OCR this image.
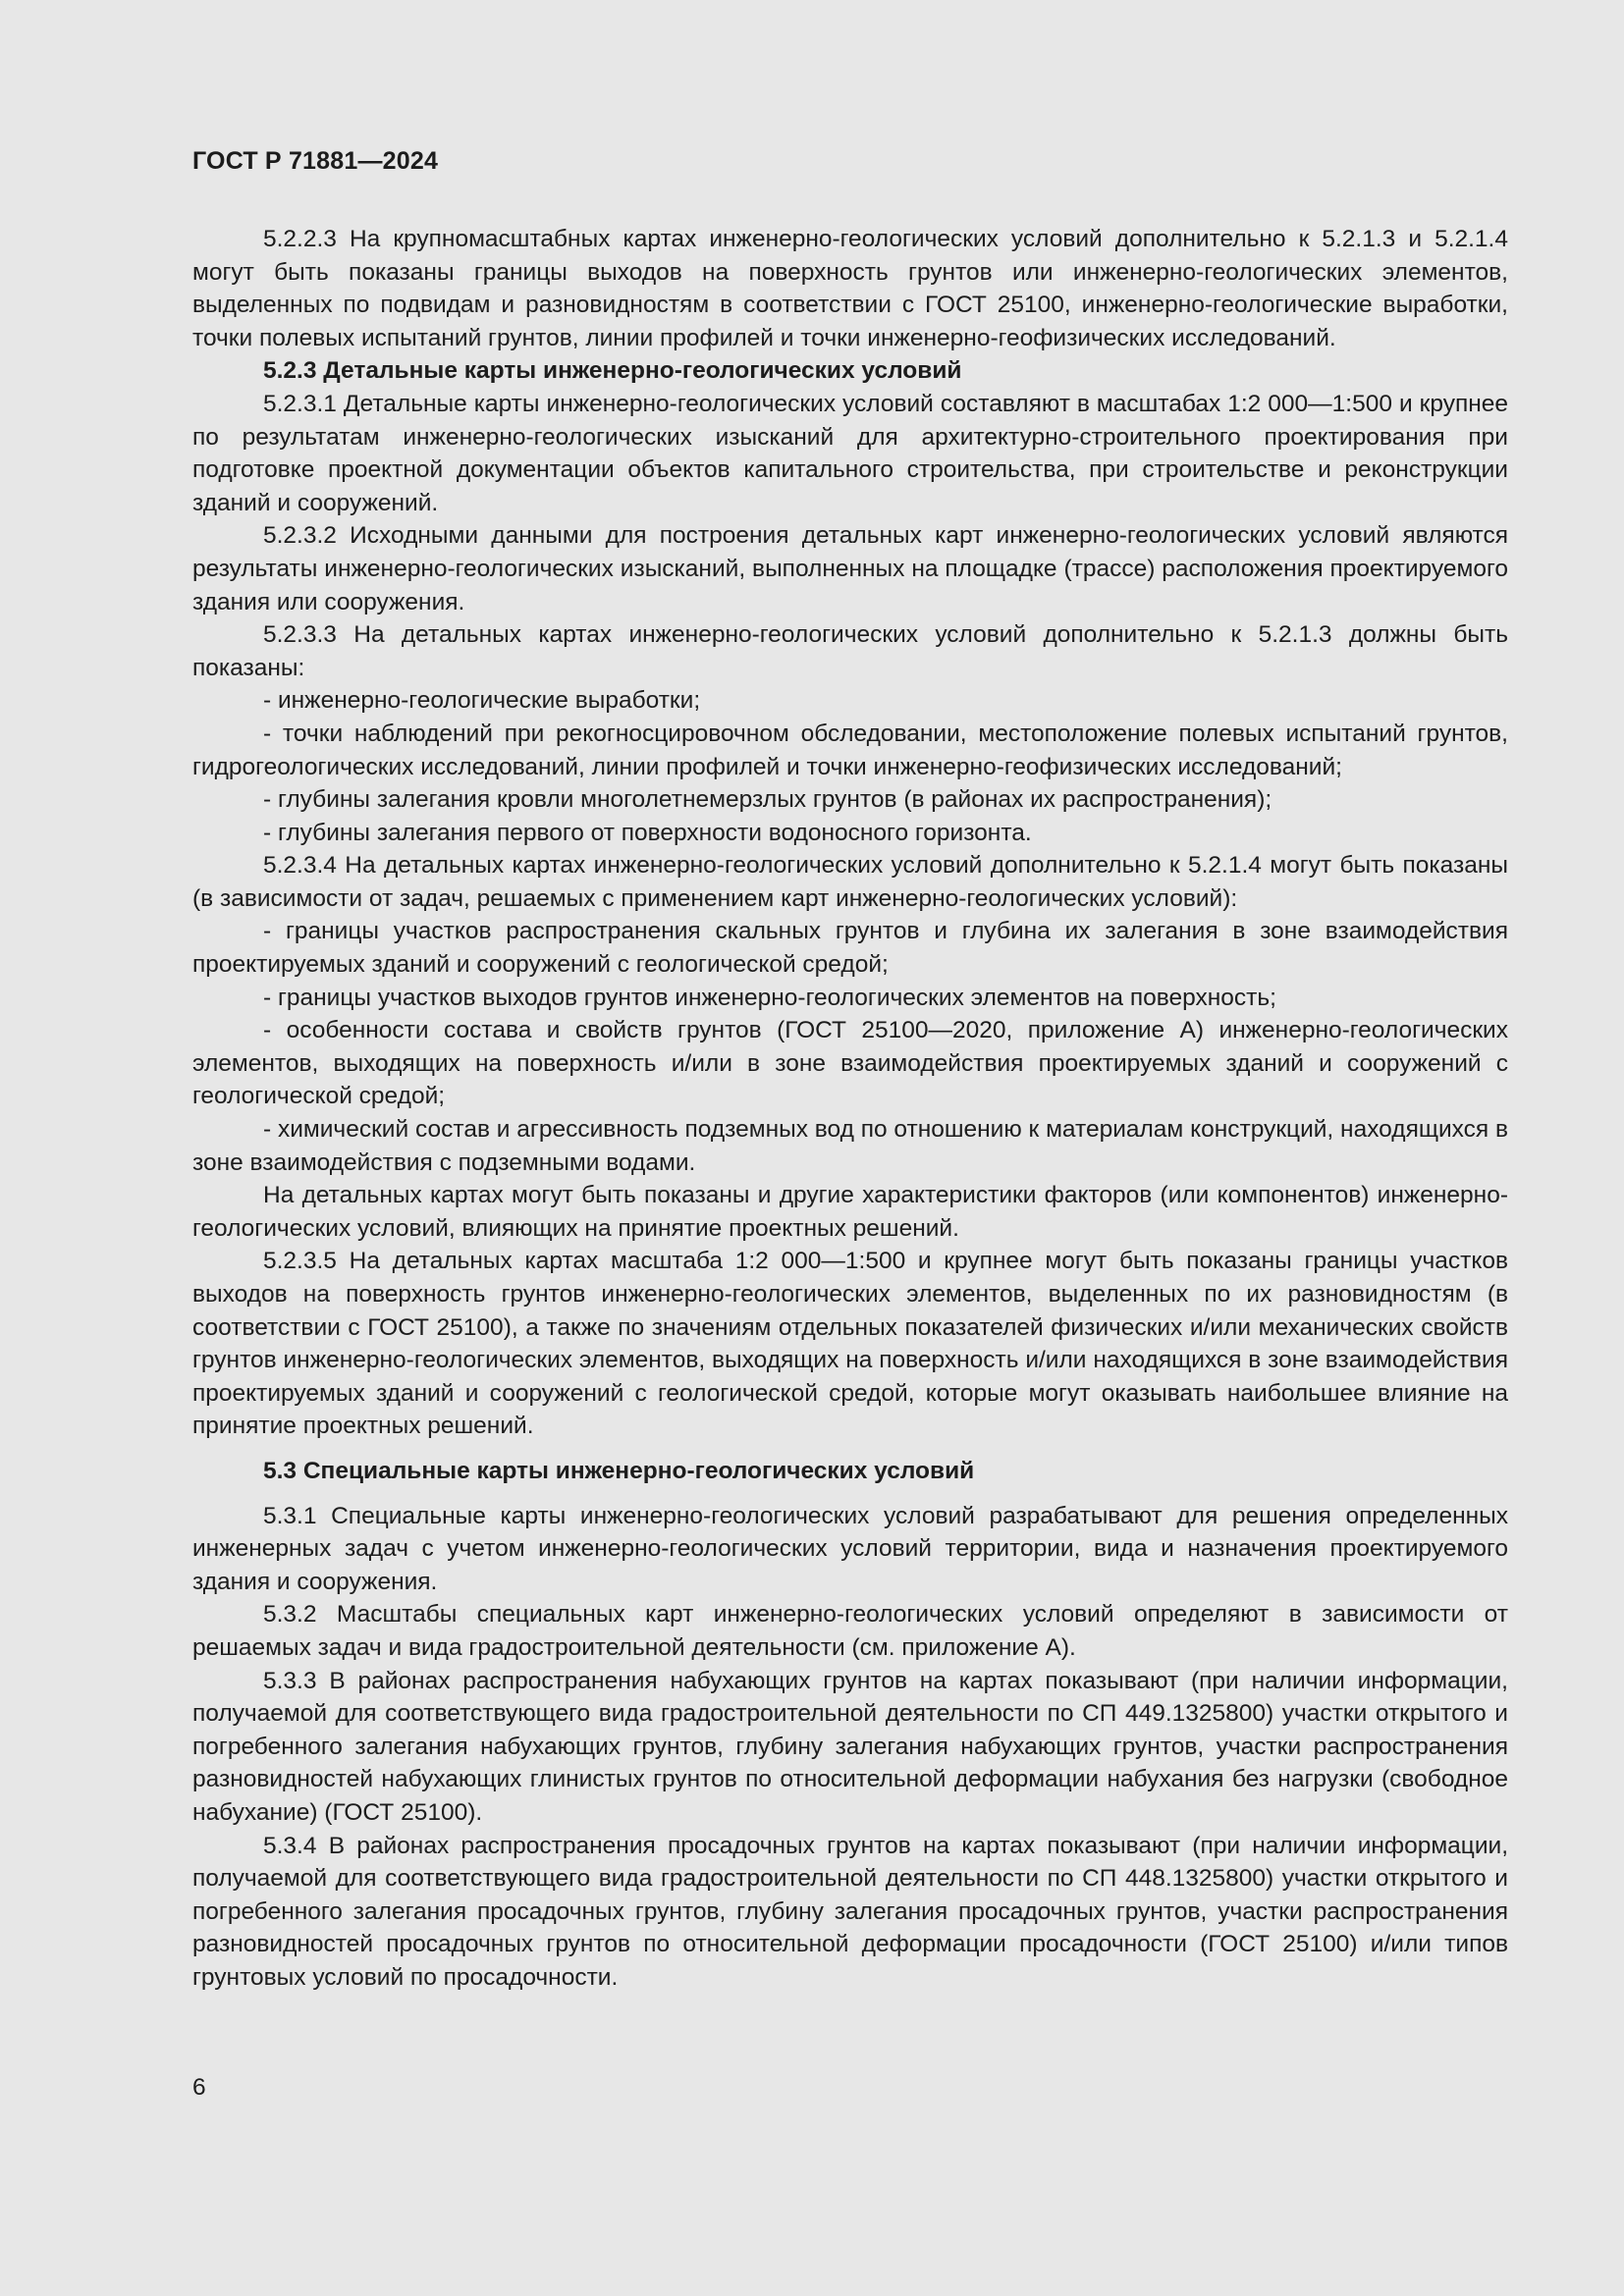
ГОСТ Р 71881—2024

5.2.2.3 На крупномасштабных картах инженерно-геологических условий дополнительно к 5.2.1.3 и 5.2.1.4 могут быть показаны границы выходов на поверхность грунтов или инженерно-геологических элементов, выделенных по подвидам и разновидностям в соответствии с ГОСТ 25100, инженерно-геологические выработки, точки полевых испытаний грунтов, линии профилей и точки инженерно-геофизических исследований.

5.2.3 Детальные карты инженерно-геологических условий

5.2.3.1 Детальные карты инженерно-геологических условий составляют в масштабах 1:2 000—1:500 и крупнее по результатам инженерно-геологических изысканий для архитектурно-строительного проектирования при подготовке проектной документации объектов капитального строительства, при строительстве и реконструкции зданий и сооружений.

5.2.3.2 Исходными данными для построения детальных карт инженерно-геологических условий являются результаты инженерно-геологических изысканий, выполненных на площадке (трассе) расположения проектируемого здания или сооружения.

5.2.3.3 На детальных картах инженерно-геологических условий дополнительно к 5.2.1.3 должны быть показаны:

- инженерно-геологические выработки;

- точки наблюдений при рекогносцировочном обследовании, местоположение полевых испытаний грунтов, гидрогеологических исследований, линии профилей и точки инженерно-геофизических исследований;

- глубины залегания кровли многолетнемерзлых грунтов (в районах их распространения);

- глубины залегания первого от поверхности водоносного горизонта.

5.2.3.4 На детальных картах инженерно-геологических условий дополнительно к 5.2.1.4 могут быть показаны (в зависимости от задач, решаемых с применением карт инженерно-геологических условий):

- границы участков распространения скальных грунтов и глубина их залегания в зоне взаимодействия проектируемых зданий и сооружений с геологической средой;

- границы участков выходов грунтов инженерно-геологических элементов на поверхность;

- особенности состава и свойств грунтов (ГОСТ 25100—2020, приложение А) инженерно-геологических элементов, выходящих на поверхность и/или в зоне взаимодействия проектируемых зданий и сооружений с геологической средой;

- химический состав и агрессивность подземных вод по отношению к материалам конструкций, находящихся в зоне взаимодействия с подземными водами.

На детальных картах могут быть показаны и другие характеристики факторов (или компонентов) инженерно-геологических условий, влияющих на принятие проектных решений.

5.2.3.5 На детальных картах масштаба 1:2 000—1:500 и крупнее могут быть показаны границы участков выходов на поверхность грунтов инженерно-геологических элементов, выделенных по их разновидностям (в соответствии с ГОСТ 25100), а также по значениям отдельных показателей физических и/или механических свойств грунтов инженерно-геологических элементов, выходящих на поверхность и/или находящихся в зоне взаимодействия проектируемых зданий и сооружений с геологической средой, которые могут оказывать наибольшее влияние на принятие проектных решений.

5.3 Специальные карты инженерно-геологических условий

5.3.1 Специальные карты инженерно-геологических условий разрабатывают для решения определенных инженерных задач с учетом инженерно-геологических условий территории, вида и назначения проектируемого здания и сооружения.

5.3.2 Масштабы специальных карт инженерно-геологических условий определяют в зависимости от решаемых задач и вида градостроительной деятельности (см. приложение А).

5.3.3 В районах распространения набухающих грунтов на картах показывают (при наличии информации, получаемой для соответствующего вида градостроительной деятельности по СП 449.1325800) участки открытого и погребенного залегания набухающих грунтов, глубину залегания набухающих грунтов, участки распространения разновидностей набухающих глинистых грунтов по относительной деформации набухания без нагрузки (свободное набухание) (ГОСТ 25100).

5.3.4 В районах распространения просадочных грунтов на картах показывают (при наличии информации, получаемой для соответствующего вида градостроительной деятельности по СП 448.1325800) участки открытого и погребенного залегания просадочных грунтов, глубину залегания просадочных грунтов, участки распространения разновидностей просадочных грунтов по относительной деформации просадочности (ГОСТ 25100) и/или типов грунтовых условий по просадочности.

6
